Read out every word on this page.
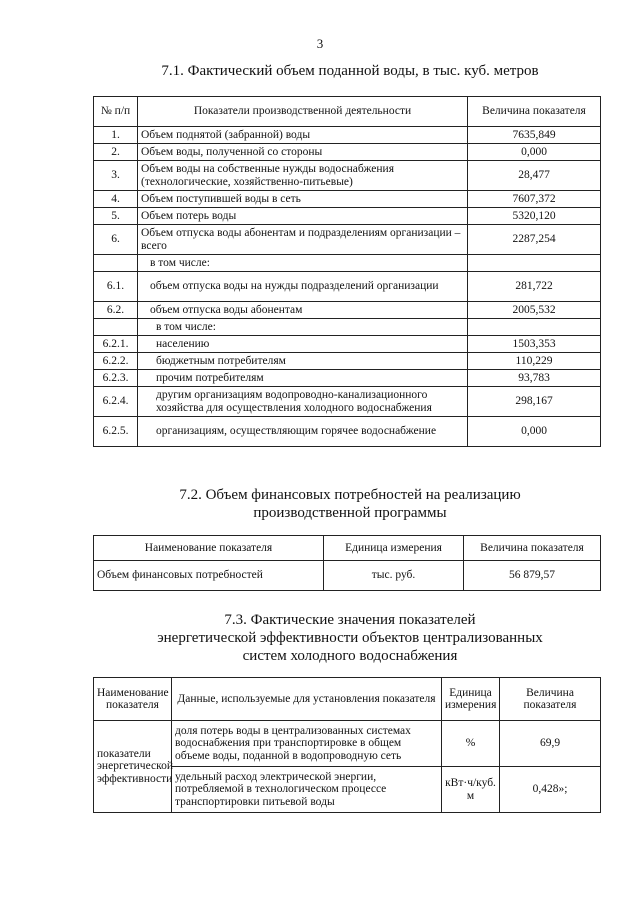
3
7.1. Фактический объем поданной воды, в тыс. куб. метров
№ п/п	Показатели производственной деятельности	Величина показателя
1.	Объем поднятой (забранной) воды	7635,849
2.	Объем воды, полученной со стороны	0,000
3.	Объем воды на собственные нужды водоснабжения (технологические, хозяйственно-питьевые)	28,477
4.	Объем поступившей воды в сеть	7607,372
5.	Объем потерь воды	5320,120
6.	Объем отпуска воды абонентам и подразделениям организации – всего	2287,254
	в том числе:	
6.1.	объем отпуска воды на нужды подразделений организации	281,722
6.2.	объем отпуска воды абонентам	2005,532
	в том числе:	
6.2.1.	населению	1503,353
6.2.2.	бюджетным потребителям	110,229
6.2.3.	прочим потребителям	93,783
6.2.4.	другим организациям водопроводно-канализационного хозяйства для осуществления холодного водоснабжения	298,167
6.2.5.	организациям, осуществляющим горячее водоснабжение	0,000
7.2. Объем финансовых потребностей на реализацию
производственной программы
Наименование показателя	Единица измерения	Величина показателя
Объем финансовых потребностей	тыс. руб.	56 879,57
7.3. Фактические значения показателей
энергетической эффективности объектов централизованных
систем холодного водоснабжения
Наименование показателя	Данные, используемые для установления показателя	Единица измерения	Величина показателя
показатели энергетической эффективности	доля потерь воды в централизованных системах водоснабжения при транспортировке в общем объеме воды, поданной в водопроводную сеть	%	69,9
	удельный расход электрической энергии, потребляемой в технологическом процессе транспортировки питьевой воды	кВт·ч/куб. м	0,428»;
